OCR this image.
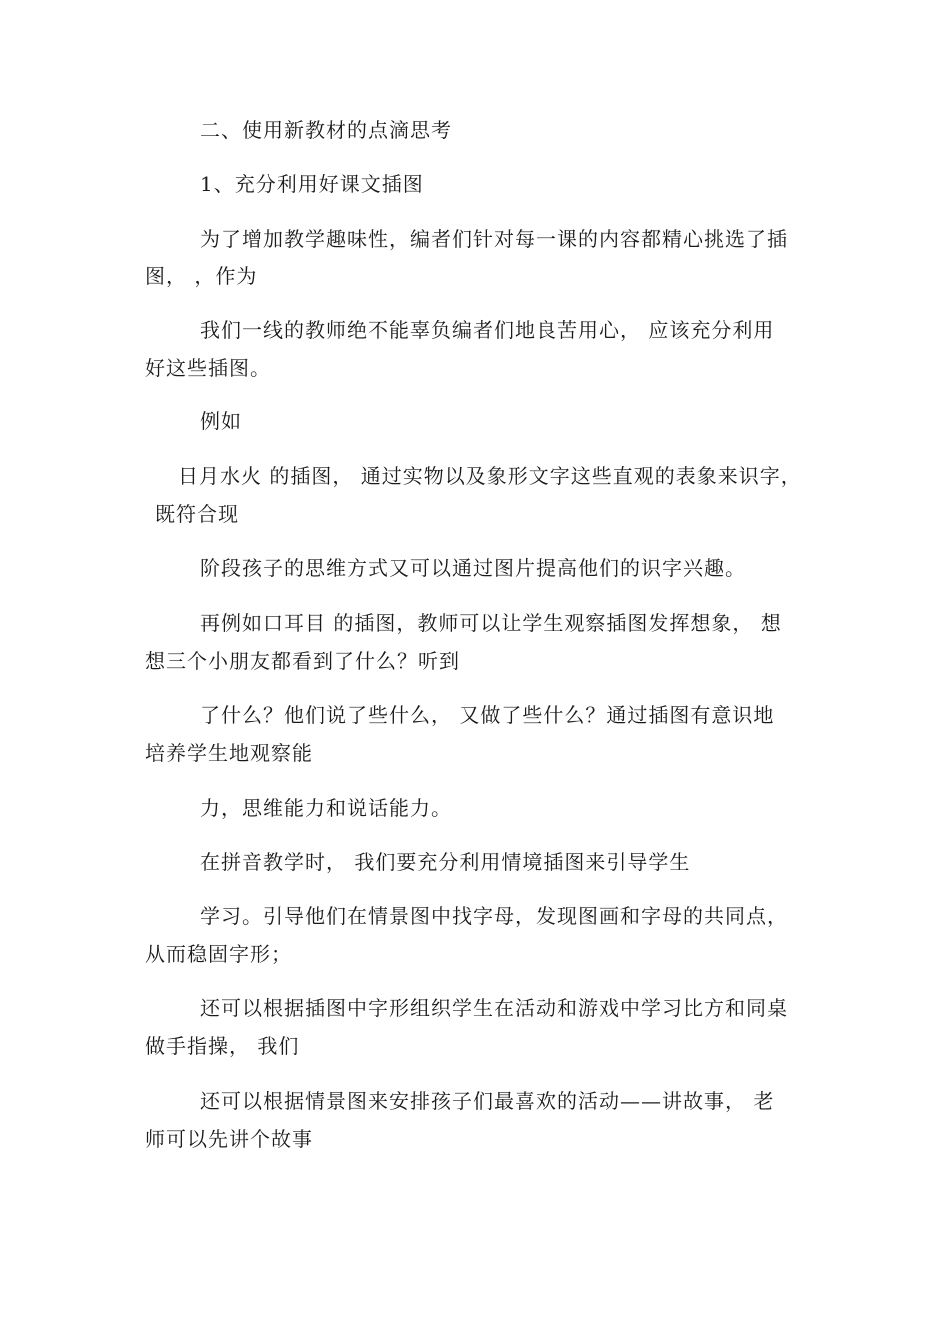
二、使用新教材的点滴思考
1、充分利用好课文插图
为了增加教学趣味性，编者们针对每一课的内容都精心挑选了插
图， ，作为
我们一线的教师绝不能辜负编者们地良苦用心， 应该充分利用
好这些插图。
例如
日月水火 的插图， 通过实物以及象形文字这些直观的表象来识字，
既符合现
阶段孩子的思维方式又可以通过图片提高他们的识字兴趣。
再例如口耳目 的插图，教师可以让学生观察插图发挥想象， 想
想三个小朋友都看到了什么？听到
了什么？他们说了些什么， 又做了些什么？通过插图有意识地
培养学生地观察能
力，思维能力和说话能力。
在拼音教学时， 我们要充分利用情境插图来引导学生
学习。引导他们在情景图中找字母，发现图画和字母的共同点，
从而稳固字形；
还可以根据插图中字形组织学生在活动和游戏中学习比方和同桌
做手指操， 我们
还可以根据情景图来安排孩子们最喜欢的活动——讲故事， 老
师可以先讲个故事
